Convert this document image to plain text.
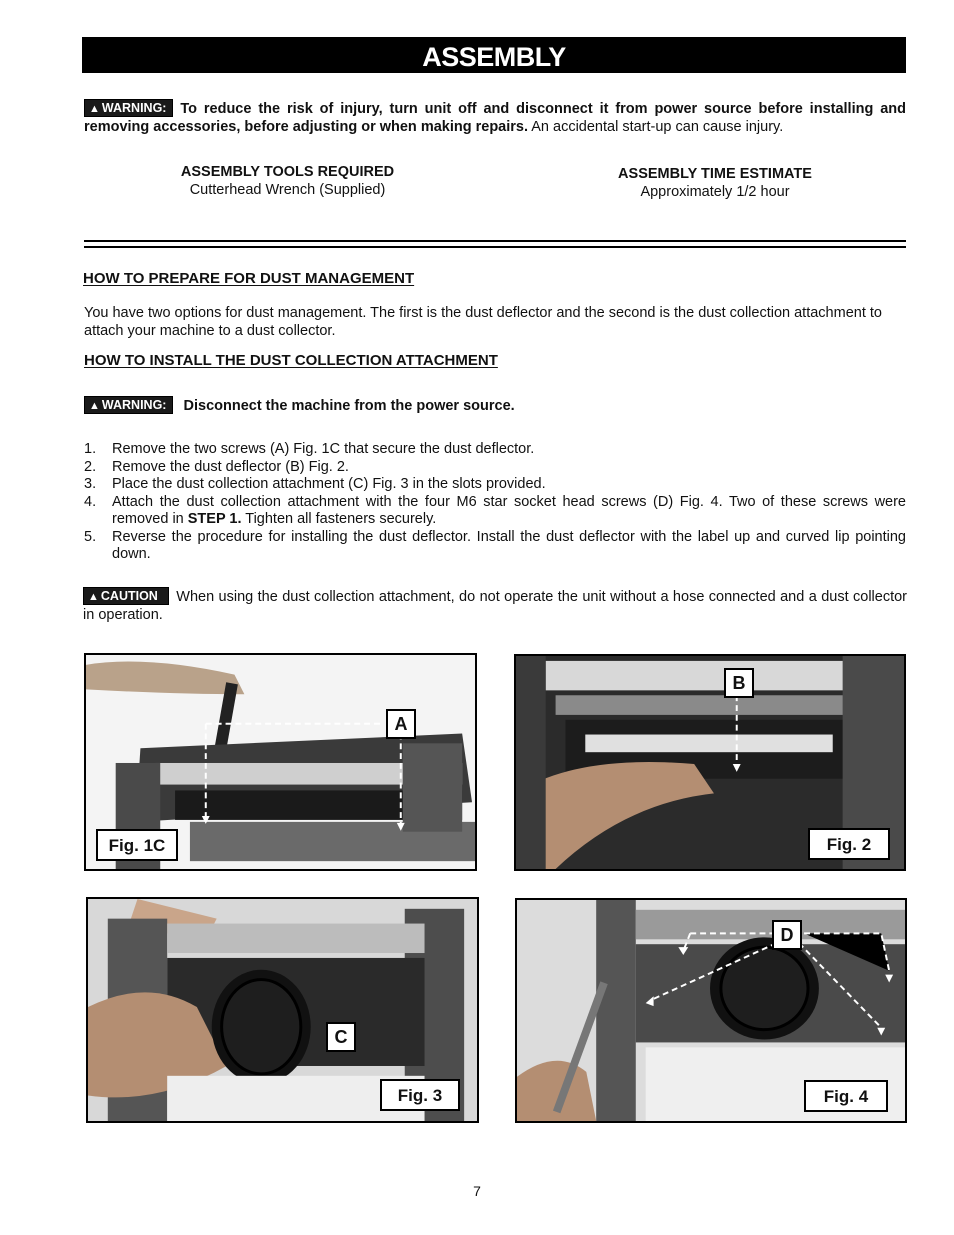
ASSEMBLY
▲ WARNING: To reduce the risk of injury, turn unit off and disconnect it from power source before installing and removing accessories, before adjusting or when making repairs. An accidental start-up can cause injury.
ASSEMBLY TOOLS REQUIRED
Cutterhead Wrench (Supplied)
ASSEMBLY TIME ESTIMATE
Approximately 1/2 hour
HOW TO PREPARE FOR DUST MANAGEMENT
You have two options for dust management. The first is the dust deflector and the second is the dust collection attachment to attach your machine to a dust collector.
HOW TO INSTALL THE DUST COLLECTION ATTACHMENT
▲ WARNING: Disconnect the machine from the power source.
1. Remove the two screws (A) Fig. 1C that secure the dust deflector.
2. Remove the dust deflector (B) Fig. 2.
3. Place the dust collection attachment (C) Fig. 3 in the slots provided.
4. Attach the dust collection attachment with the four M6 star socket head screws (D) Fig. 4. Two of these screws were removed in STEP 1. Tighten all fasteners securely.
5. Reverse the procedure for installing the dust deflector. Install the dust deflector with the label up and curved lip pointing down.
▲ CAUTION When using the dust collection attachment, do not operate the unit without a hose connected and a dust collector in operation.
A
Fig. 1C
B
Fig. 2
C
Fig. 3
D
Fig. 4
7
